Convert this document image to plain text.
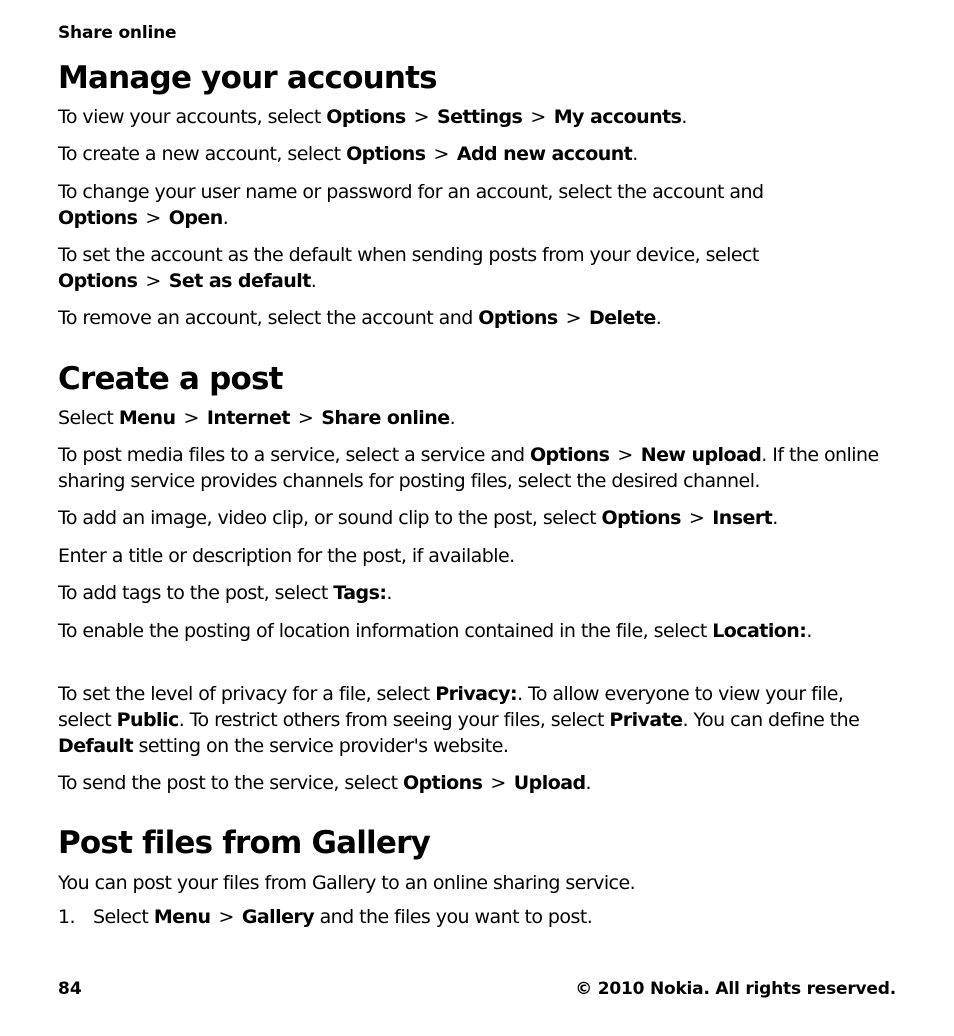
Share online
Manage your accounts

To view your accounts, select Options > Settings > My accounts.

To create a new account, select Options > Add new account.

To change your user name or password for an account, select the account and Options > Open.

To set the account as the default when sending posts from your device, select Options > Set as default.

To remove an account, select the account and Options > Delete.

Create a post

Select Menu > Internet > Share online.

To post media files to a service, select a service and Options > New upload. If the online sharing service provides channels for posting files, select the desired channel.

To add an image, video clip, or sound clip to the post, select Options > Insert.

Enter a title or description for the post, if available.

To add tags to the post, select Tags:.

To enable the posting of location information contained in the file, select Location:.

To set the level of privacy for a file, select Privacy:. To allow everyone to view your file, select Public. To restrict others from seeing your files, select Private. You can define the Default setting on the service provider's website.

To send the post to the service, select Options > Upload.

Post files from Gallery

You can post your files from Gallery to an online sharing service.

1. Select Menu > Gallery and the files you want to post.

84	© 2010 Nokia. All rights reserved.
